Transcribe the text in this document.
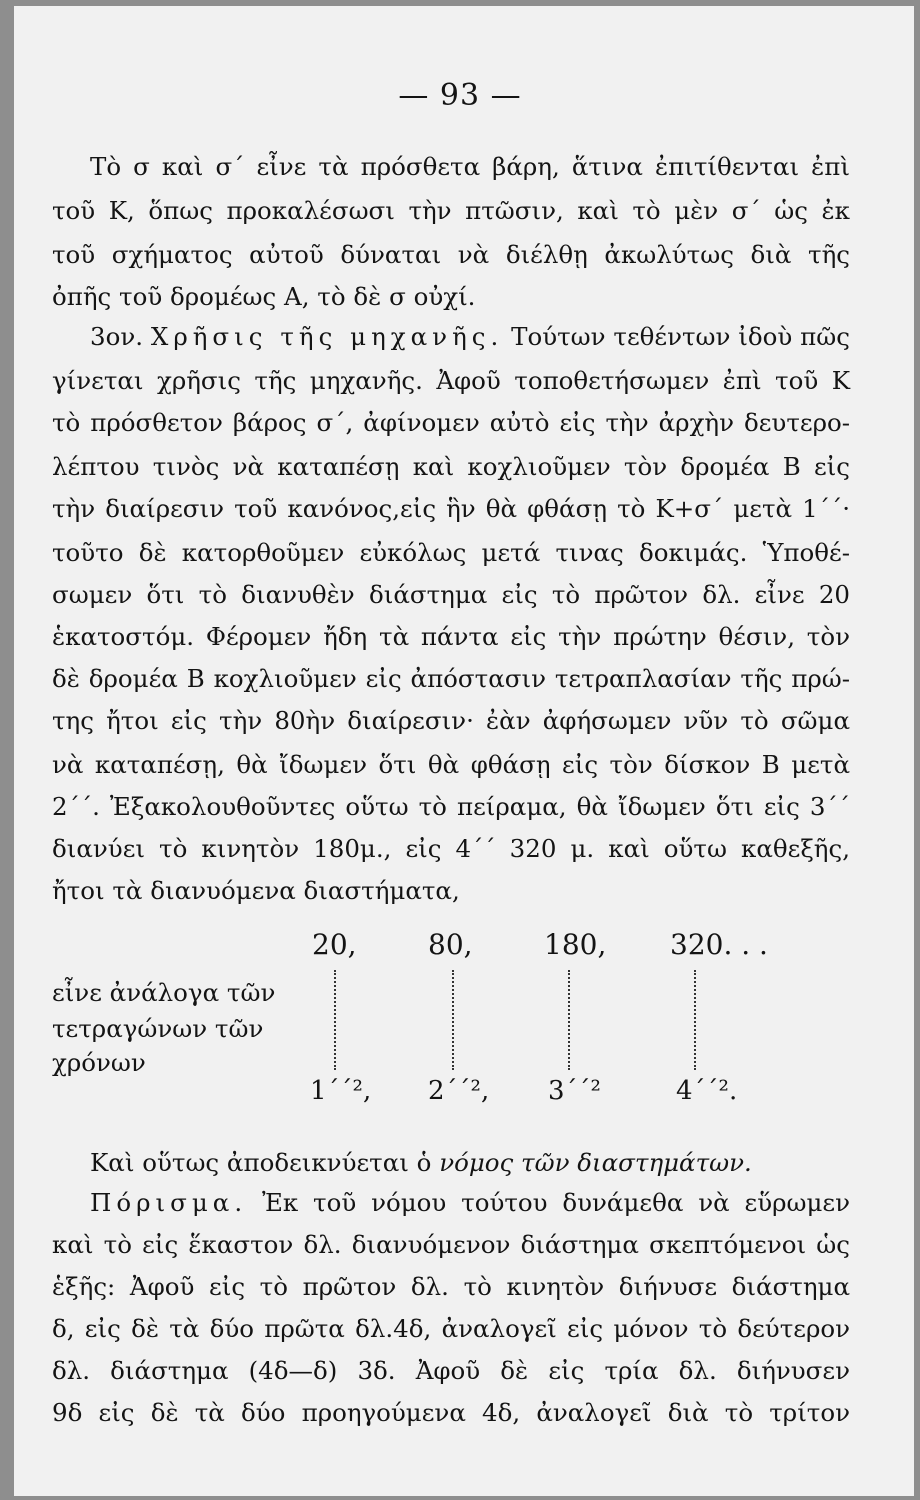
— 93 —
Τὸ σ καὶ σ΄ εἶνε τὰ πρόσθετα βάρη, ἅτινα ἐπιτίθενται ἐπὶ
τοῦ Κ, ὅπως προκαλέσωσι τὴν πτῶσιν, καὶ τὸ μὲν σ΄ ὡς ἐκ
τοῦ σχήματος αὐτοῦ δύναται νὰ διέλθῃ ἀκωλύτως διὰ τῆς
ὀπῆς τοῦ δρομέως Α, τὸ δὲ σ οὐχί.
3ον. Χρῆσις τῆς μηχανῆς. Τούτων τεθέντων ἰδοὺ πῶς
γίνεται χρῆσις τῆς μηχανῆς. Ἀφοῦ τοποθετήσωμεν ἐπὶ τοῦ Κ
τὸ πρόσθετον βάρος σ΄, ἀφίνομεν αὐτὸ εἰς τὴν ἀρχὴν δευτερο-
λέπτου τινὸς νὰ καταπέσῃ καὶ κοχλιοῦμεν τὸν δρομέα Β εἰς
τὴν διαίρεσιν τοῦ κανόνος,εἰς ἣν θὰ φθάσῃ τὸ Κ+σ΄ μετὰ 1΄΄·
τοῦτο δὲ κατορθοῦμεν εὐκόλως μετά τινας δοκιμάς. Ὑποθέ-
σωμεν ὅτι τὸ διανυθὲν διάστημα εἰς τὸ πρῶτον δλ. εἶνε 20
ἑκατοστόμ. Φέρομεν ἤδη τὰ πάντα εἰς τὴν πρώτην θέσιν, τὸν
δὲ δρομέα Β κοχλιοῦμεν εἰς ἀπόστασιν τετραπλασίαν τῆς πρώ-
της ἤτοι εἰς τὴν 80ὴν διαίρεσιν· ἐὰν ἀφήσωμεν νῦν τὸ σῶμα
νὰ καταπέσῃ, θὰ ἴδωμεν ὅτι θὰ φθάσῃ εἰς τὸν δίσκον Β μετὰ
2΄΄. Ἐξακολουθοῦντες οὕτω τὸ πείραμα, θὰ ἴδωμεν ὅτι εἰς 3΄΄
διανύει τὸ κινητὸν 180μ., εἰς 4΄΄ 320 μ. καὶ οὕτω καθεξῆς,
ἤτοι τὰ διανυόμενα διαστήματα,
20,	80,	180, 320. . .
εἶνε ἀνάλογα τῶν
τετραγώνων τῶν
χρόνων
1΄΄², 2΄΄², 3΄΄²	4΄΄².
Καὶ οὕτως ἀποδεικνύεται ὁ νόμος τῶν διαστημάτων.
Πόρισμα. Ἐκ τοῦ νόμου τούτου δυνάμεθα νὰ εὕρωμεν
καὶ τὸ εἰς ἕκαστον δλ. διανυόμενον διάστημα σκεπτόμενοι ὡς
ἑξῆς: Ἀφοῦ εἰς τὸ πρῶτον δλ. τὸ κινητὸν διήνυσε διάστημα
δ, εἰς δὲ τὰ δύο πρῶτα δλ.4δ, ἀναλογεῖ εἰς μόνον τὸ δεύτερον
δλ. διάστημα (4δ—δ) 3δ. Ἀφοῦ δὲ εἰς τρία δλ. διήνυσεν
9δ εἰς δὲ τὰ δύο προηγούμενα 4δ, ἀναλογεῖ διὰ τὸ τρίτον
